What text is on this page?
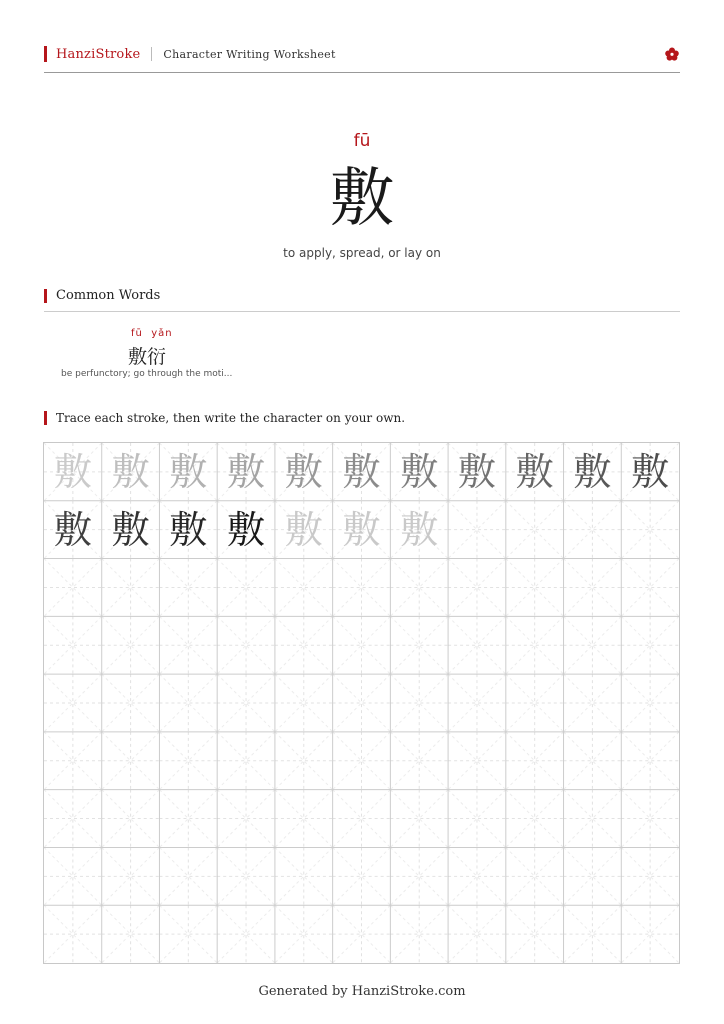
HanziStroke Character Writing Worksheet
fū
敷
to apply, spread, or lay on
Common Words
fū  yǎn
敷衍
be perfunctory; go through the moti...
Trace each stroke, then write the character on your own.
敷 敷 敷 敷 敷 敷 敷 敷 敷 敷 敷
敷 敷 敷 敷 敷 敷 敷
Generated by HanziStroke.com
